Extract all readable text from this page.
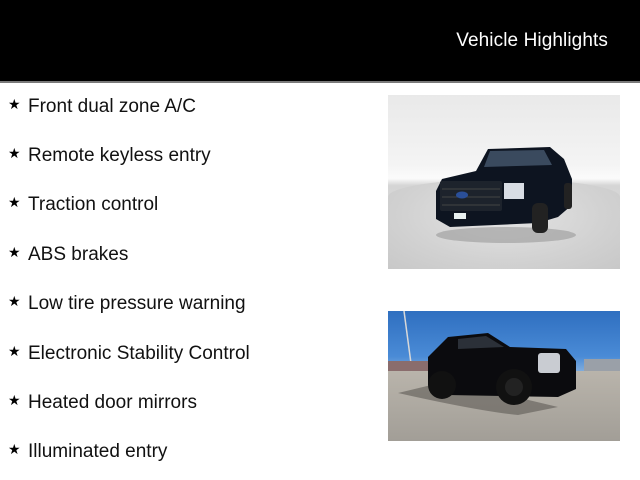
Vehicle Highlights
★ Front dual zone A/C
★ Remote keyless entry
★ Traction control
★ ABS brakes
★ Low tire pressure warning
★ Electronic Stability Control
★ Heated door mirrors
★ Illuminated entry
